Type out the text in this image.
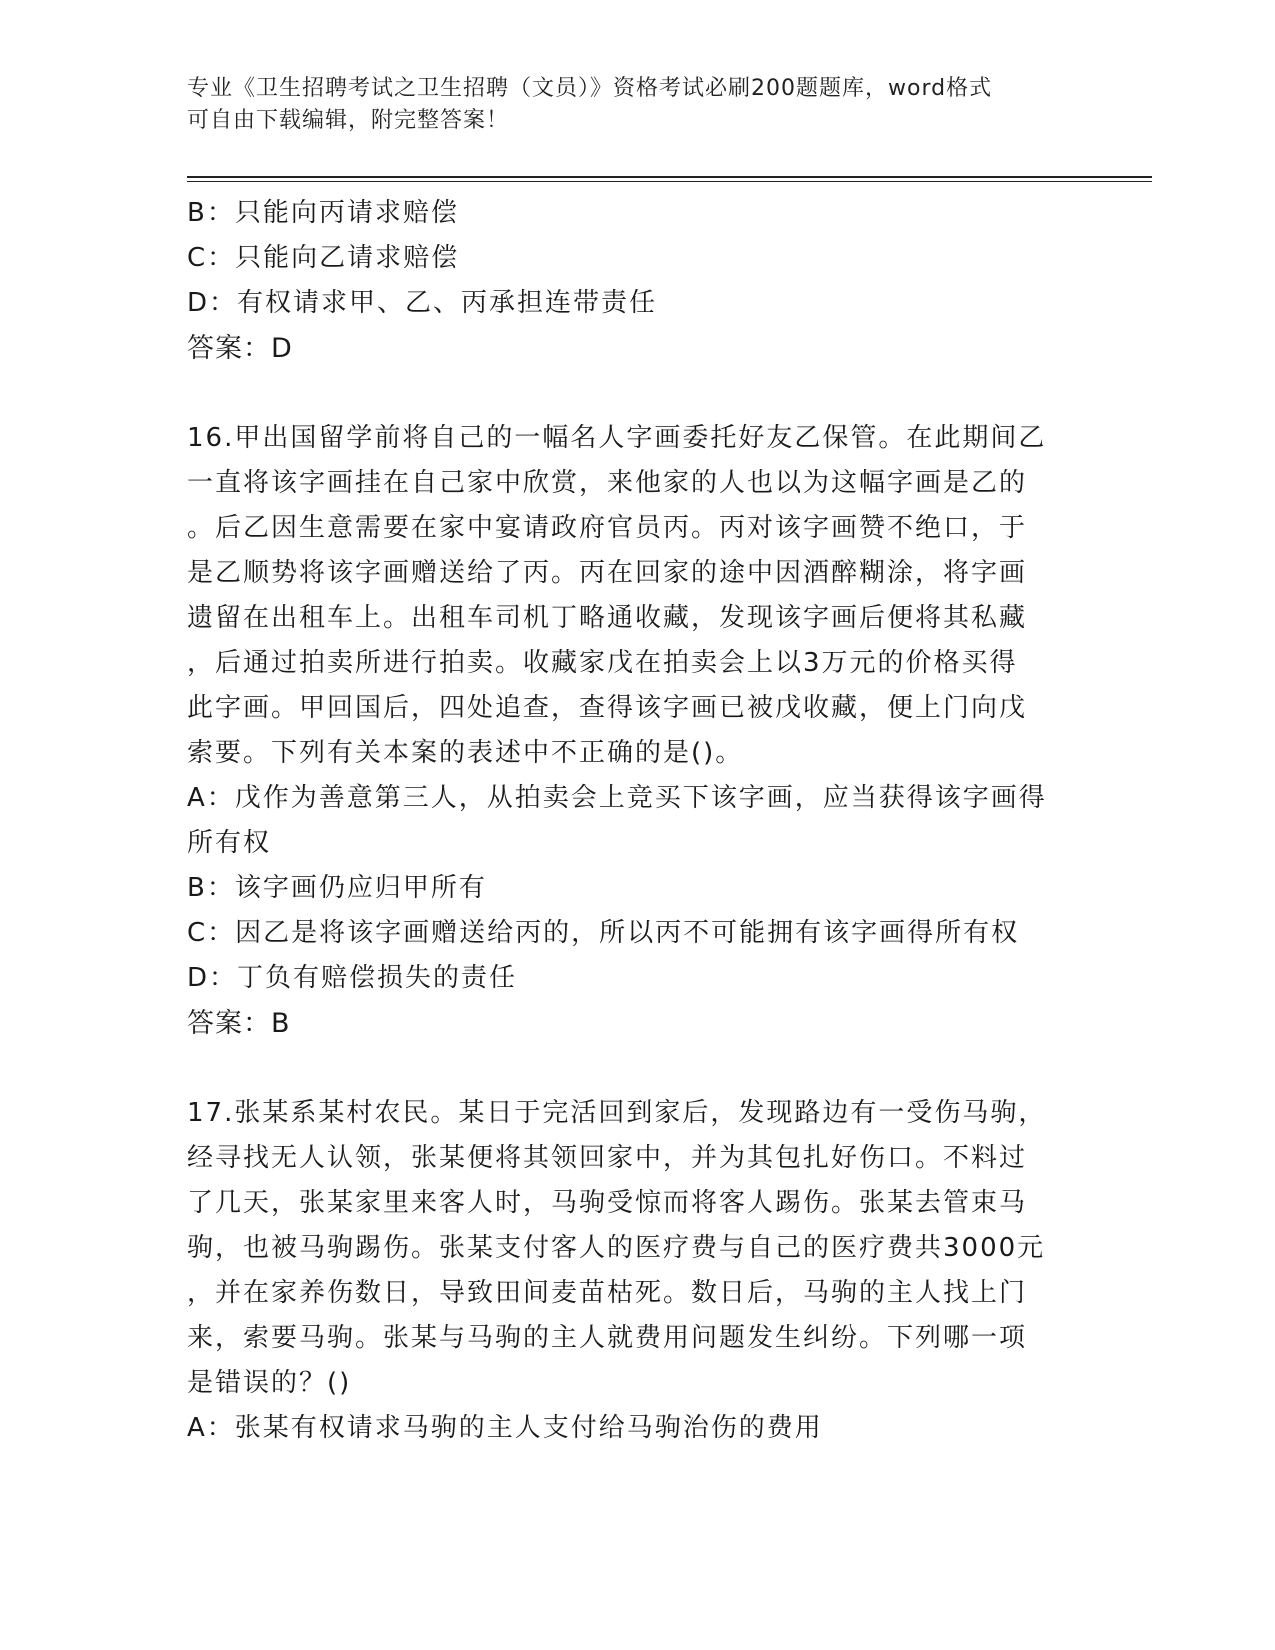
专业《卫生招聘考试之卫生招聘（文员）》资格考试必刷200题题库，word格式
可自由下载编辑，附完整答案！
B：只能向丙请求赔偿
C：只能向乙请求赔偿
D：有权请求甲、乙、丙承担连带责任
答案：D
16.甲出国留学前将自己的一幅名人字画委托好友乙保管。在此期间乙
一直将该字画挂在自己家中欣赏，来他家的人也以为这幅字画是乙的
。后乙因生意需要在家中宴请政府官员丙。丙对该字画赞不绝口，于
是乙顺势将该字画赠送给了丙。丙在回家的途中因酒醉糊涂，将字画
遗留在出租车上。出租车司机丁略通收藏，发现该字画后便将其私藏
，后通过拍卖所进行拍卖。收藏家戊在拍卖会上以3万元的价格买得
此字画。甲回国后，四处追查，查得该字画已被戊收藏，便上门向戊
索要。下列有关本案的表述中不正确的是()。
A：戊作为善意第三人，从拍卖会上竞买下该字画，应当获得该字画得
所有权
B：该字画仍应归甲所有
C：因乙是将该字画赠送给丙的，所以丙不可能拥有该字画得所有权
D：丁负有赔偿损失的责任
答案：B
17.张某系某村农民。某日于完活回到家后，发现路边有一受伤马驹，
经寻找无人认领，张某便将其领回家中，并为其包扎好伤口。不料过
了几天，张某家里来客人时，马驹受惊而将客人踢伤。张某去管束马
驹，也被马驹踢伤。张某支付客人的医疗费与自己的医疗费共3000元
，并在家养伤数日，导致田间麦苗枯死。数日后，马驹的主人找上门
来，索要马驹。张某与马驹的主人就费用问题发生纠纷。下列哪一项
是错误的？()
A：张某有权请求马驹的主人支付给马驹治伤的费用
